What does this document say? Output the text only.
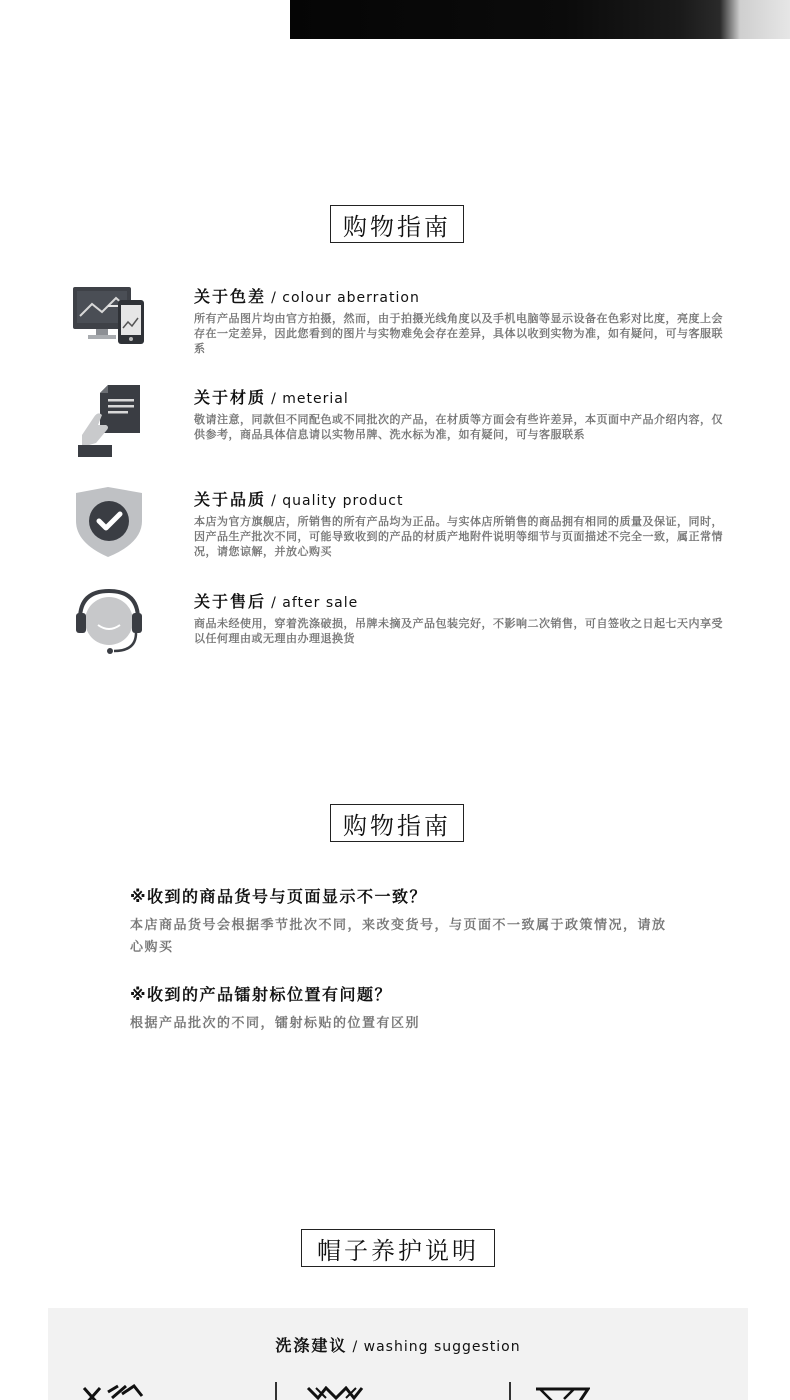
购物指南
关于色差 / colour aberration
所有产品图片均由官方拍摄，然而，由于拍摄光线角度以及手机电脑等显示设备在色彩对比度，亮度上会存在一定差异，因此您看到的图片与实物难免会存在差异，具体以收到实物为准，如有疑问，可与客服联系
关于材质 / meterial
敬请注意，同款但不同配色或不同批次的产品，在材质等方面会有些许差异，本页面中产品介绍内容，仅供参考，商品具体信息请以实物吊牌、洗水标为准，如有疑问，可与客服联系
关于品质 / quality product
本店为官方旗舰店，所销售的所有产品均为正品。与实体店所销售的商品拥有相同的质量及保证，同时，因产品生产批次不同，可能导致收到的产品的材质产地附件说明等细节与页面描述不完全一致，属正常情况，请您谅解，并放心购买
关于售后 / after sale
商品未经使用，穿着洗涤破损，吊牌未摘及产品包装完好，不影响二次销售，可自签收之日起七天内享受以任何理由或无理由办理退换货
购物指南
※收到的商品货号与页面显示不一致？
本店商品货号会根据季节批次不同，来改变货号，与页面不一致属于政策情况，请放心购买
※收到的产品镭射标位置有问题？
根据产品批次的不同，镭射标贴的位置有区别
帽子养护说明
洗涤建议 / washing suggestion
